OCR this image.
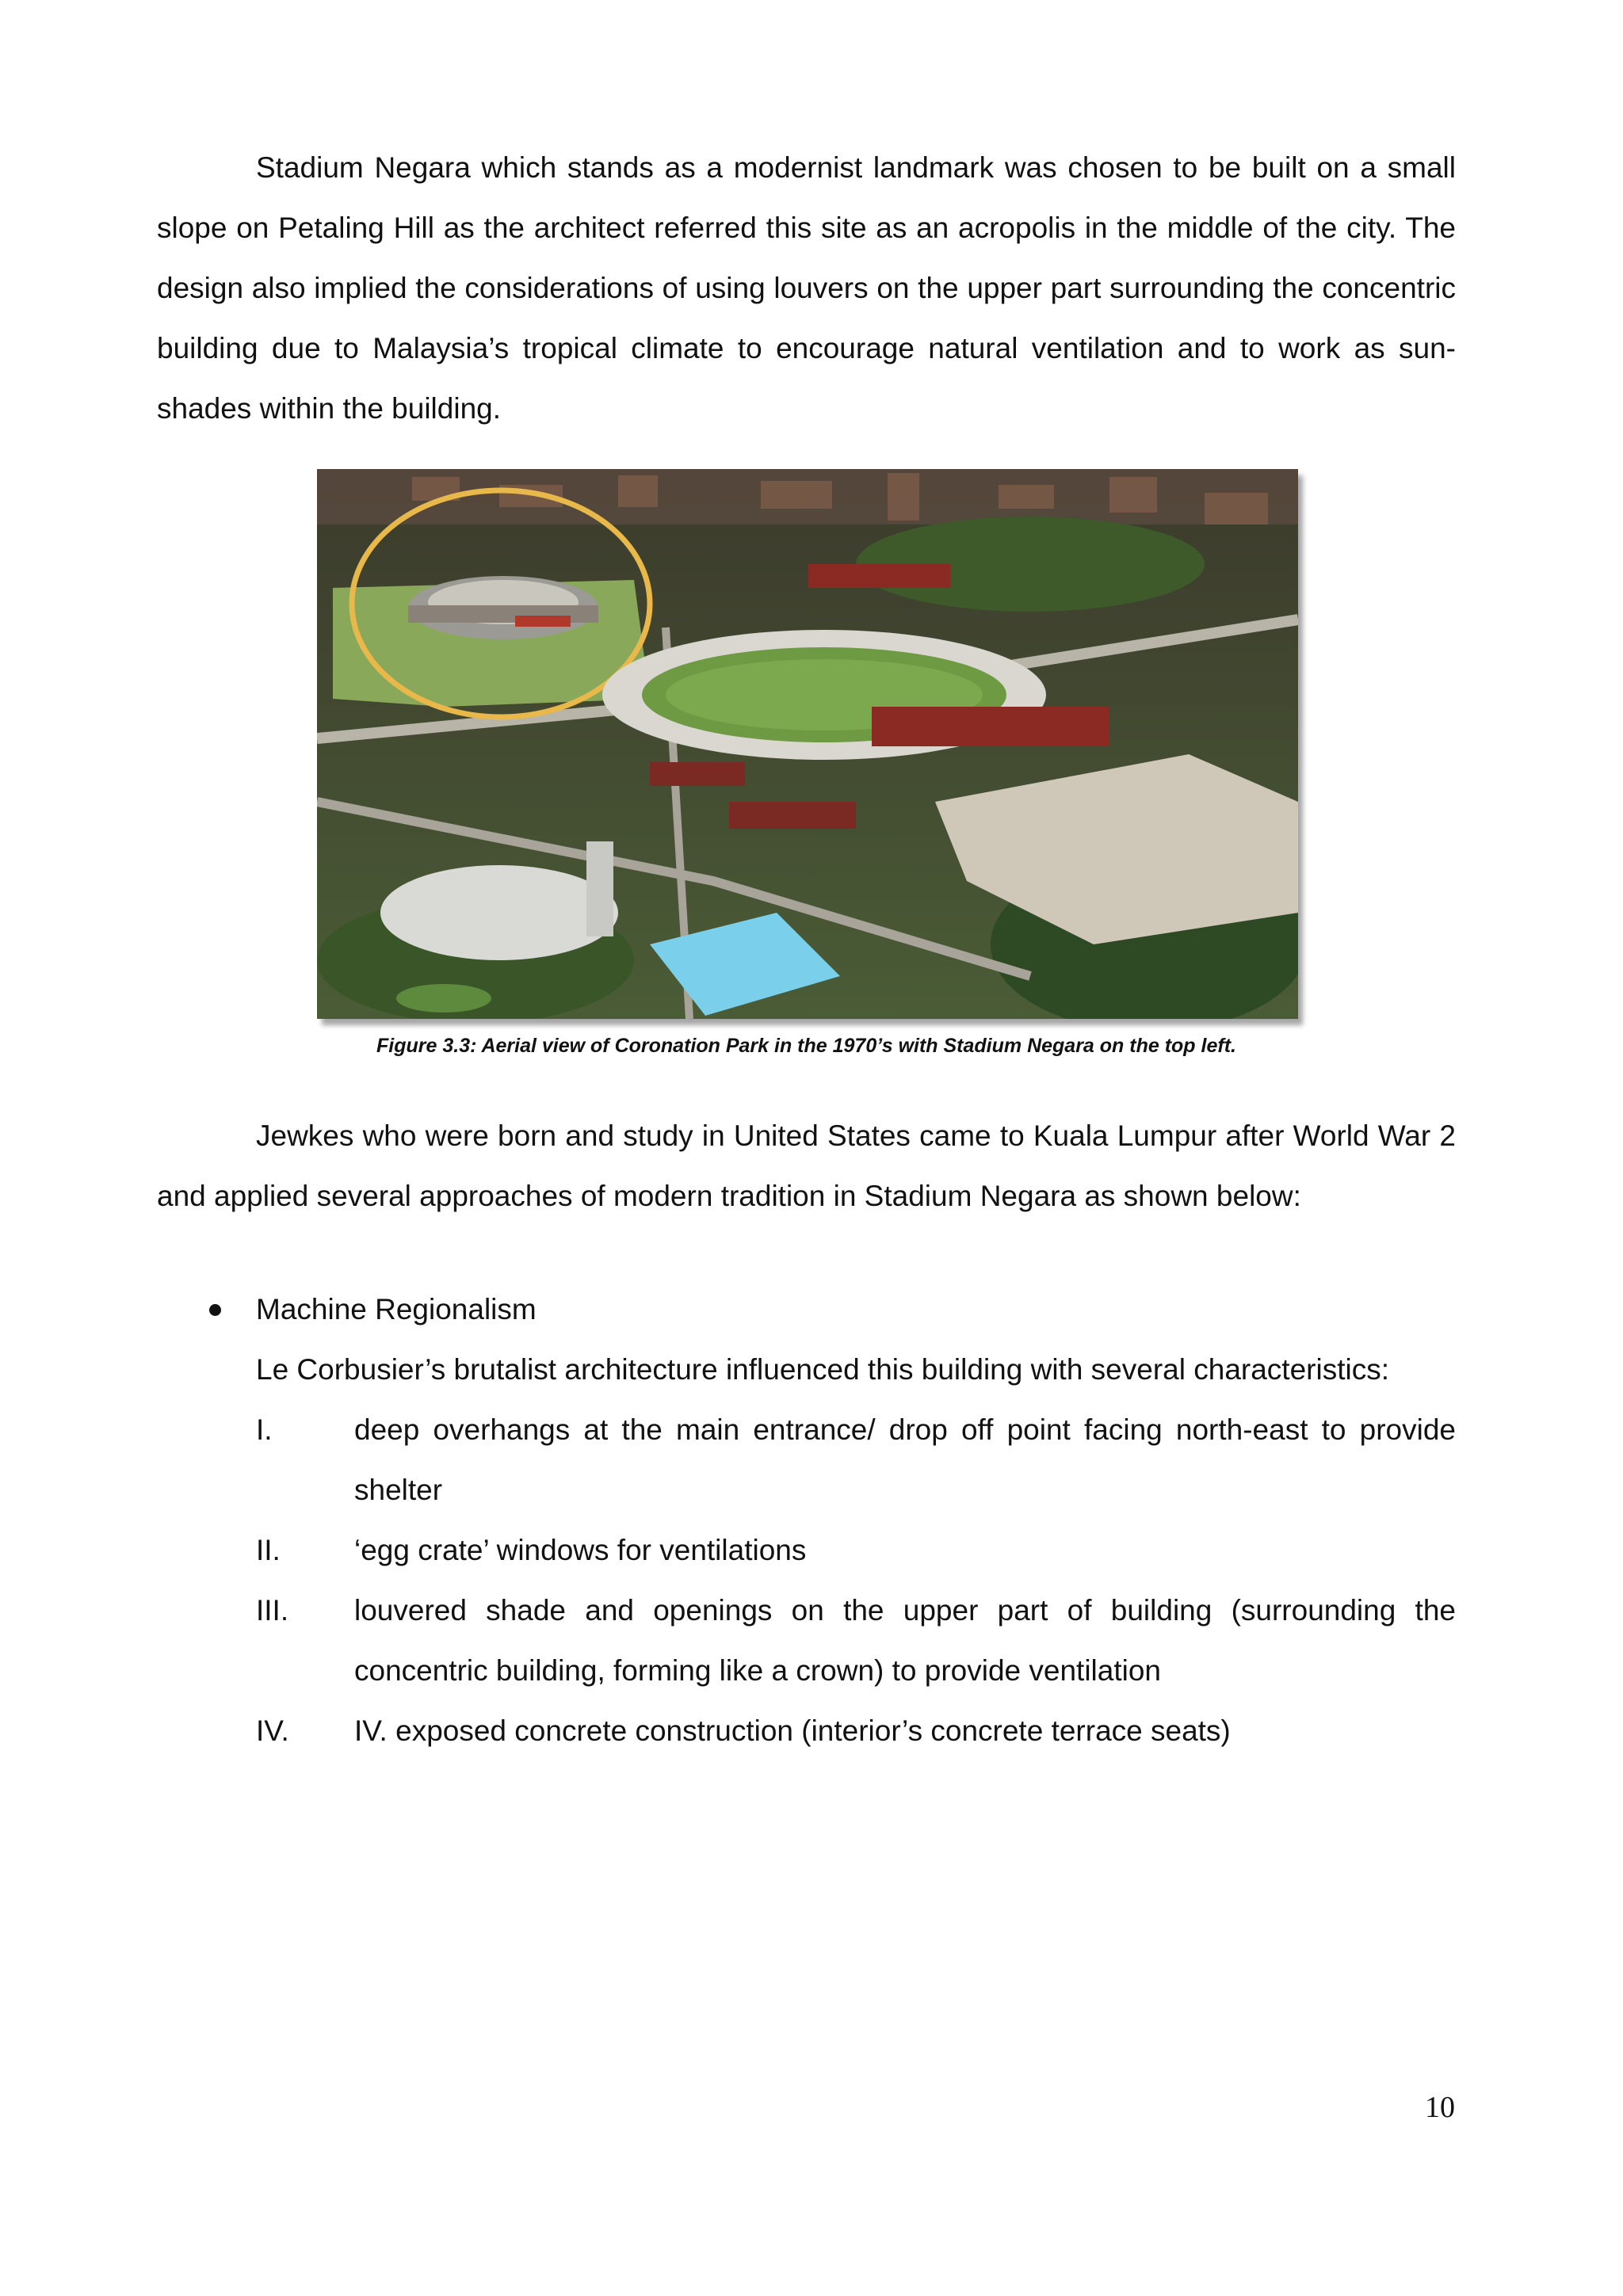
Stadium Negara which stands as a modernist landmark was chosen to be built on a small slope on Petaling Hill as the architect referred this site as an acropolis in the middle of the city. The design also implied the considerations of using louvers on the upper part surrounding the concentric building due to Malaysia’s tropical climate to encourage natural ventilation and to work as sun-shades within the building.

Figure 3.3: Aerial view of Coronation Park in the 1970’s with Stadium Negara on the top left.

Jewkes who were born and study in United States came to Kuala Lumpur after World War 2 and applied several approaches of modern tradition in Stadium Negara as shown below:

Machine Regionalism

Le Corbusier’s brutalist architecture influenced this building with several characteristics:

I.	deep overhangs at the main entrance/ drop off point facing north-east to provide shelter

II.	‘egg crate’ windows for ventilations

III. louvered shade and openings on the upper part of building (surrounding the concentric building, forming like a crown) to provide ventilation

IV. IV. exposed concrete construction (interior’s concrete terrace seats)

10
